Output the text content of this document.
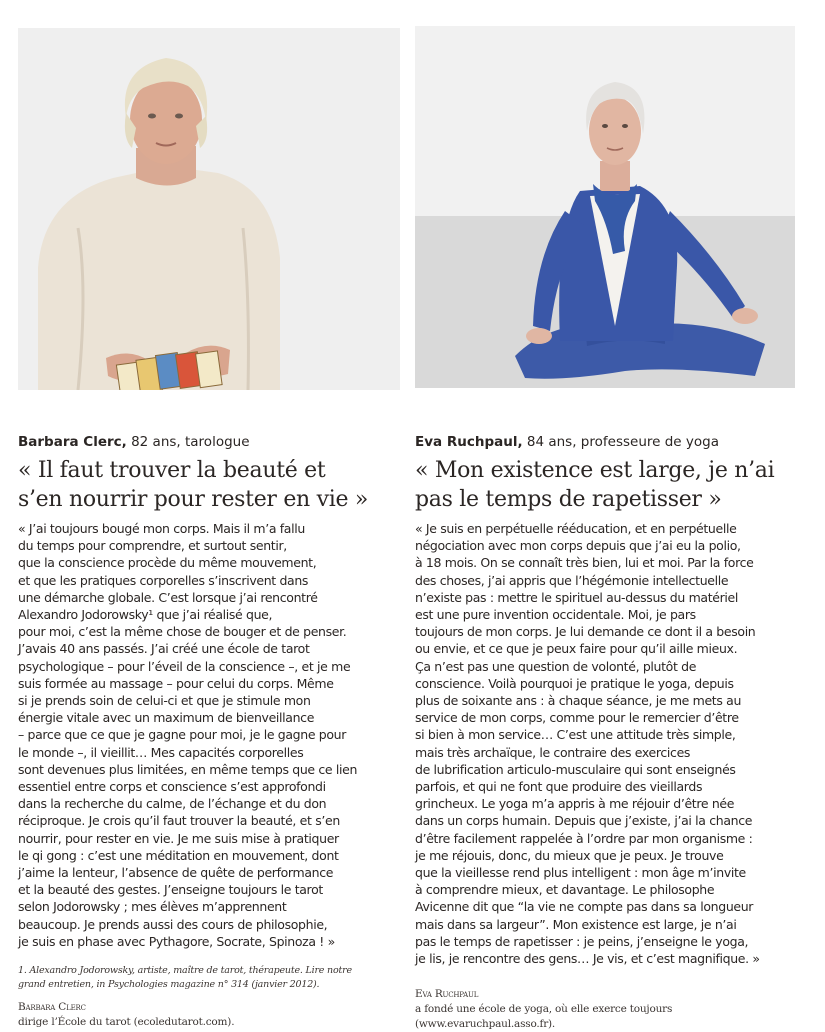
Barbara Clerc, 82 ans, tarologue
« Il faut trouver la beauté et
s’en nourrir pour rester en vie »
« J’ai toujours bougé mon corps. Mais il m’a fallu
du temps pour comprendre, et surtout sentir,
que la conscience procède du même mouvement,
et que les pratiques corporelles s’inscrivent dans
une démarche globale. C’est lorsque j’ai rencontré
Alexandro Jodorowsky¹ que j’ai réalisé que,
pour moi, c’est la même chose de bouger et de penser.
J’avais 40 ans passés. J’ai créé une école de tarot
psychologique – pour l’éveil de la conscience –, et je me
suis formée au massage – pour celui du corps. Même
si je prends soin de celui-ci et que je stimule mon
énergie vitale avec un maximum de bienveillance
– parce que ce que je gagne pour moi, je le gagne pour
le monde –, il vieillit… Mes capacités corporelles
sont devenues plus limitées, en même temps que ce lien
essentiel entre corps et conscience s’est approfondi
dans la recherche du calme, de l’échange et du don
réciproque. Je crois qu’il faut trouver la beauté, et s’en
nourrir, pour rester en vie. Je me suis mise à pratiquer
le qi gong : c’est une méditation en mouvement, dont
j’aime la lenteur, l’absence de quête de performance
et la beauté des gestes. J’enseigne toujours le tarot
selon Jodorowsky ; mes élèves m’apprennent
beaucoup. Je prends aussi des cours de philosophie,
je suis en phase avec Pythagore, Socrate, Spinoza ! »
1. Alexandro Jodorowsky, artiste, maître de tarot, thérapeute. Lire notre
grand entretien, in Psychologies magazine n° 314 (janvier 2012).
Barbara Clerc
dirige l’École du tarot (ecoledutarot.com).
Eva Ruchpaul, 84 ans, professeure de yoga
« Mon existence est large, je n’ai
pas le temps de rapetisser »
« Je suis en perpétuelle rééducation, et en perpétuelle
négociation avec mon corps depuis que j’ai eu la polio,
à 18 mois. On se connaît très bien, lui et moi. Par la force
des choses, j’ai appris que l’hégémonie intellectuelle
n’existe pas : mettre le spirituel au-dessus du matériel
est une pure invention occidentale. Moi, je pars
toujours de mon corps. Je lui demande ce dont il a besoin
ou envie, et ce que je peux faire pour qu’il aille mieux.
Ça n’est pas une question de volonté, plutôt de
conscience. Voilà pourquoi je pratique le yoga, depuis
plus de soixante ans : à chaque séance, je me mets au
service de mon corps, comme pour le remercier d’être
si bien à mon service… C’est une attitude très simple,
mais très archaïque, le contraire des exercices
de lubrification articulo-musculaire qui sont enseignés
parfois, et qui ne font que produire des vieillards
grincheux. Le yoga m’a appris à me réjouir d’être née
dans un corps humain. Depuis que j’existe, j’ai la chance
d’être facilement rappelée à l’ordre par mon organisme :
je me réjouis, donc, du mieux que je peux. Je trouve
que la vieillesse rend plus intelligent : mon âge m’invite
à comprendre mieux, et davantage. Le philosophe
Avicenne dit que “la vie ne compte pas dans sa longueur
mais dans sa largeur”. Mon existence est large, je n’ai
pas le temps de rapetisser : je peins, j’enseigne le yoga,
je lis, je rencontre des gens… Je vis, et c’est magnifique. »
Eva Ruchpaul
a fondé une école de yoga, où elle exerce toujours
(www.evaruchpaul.asso.fr).
